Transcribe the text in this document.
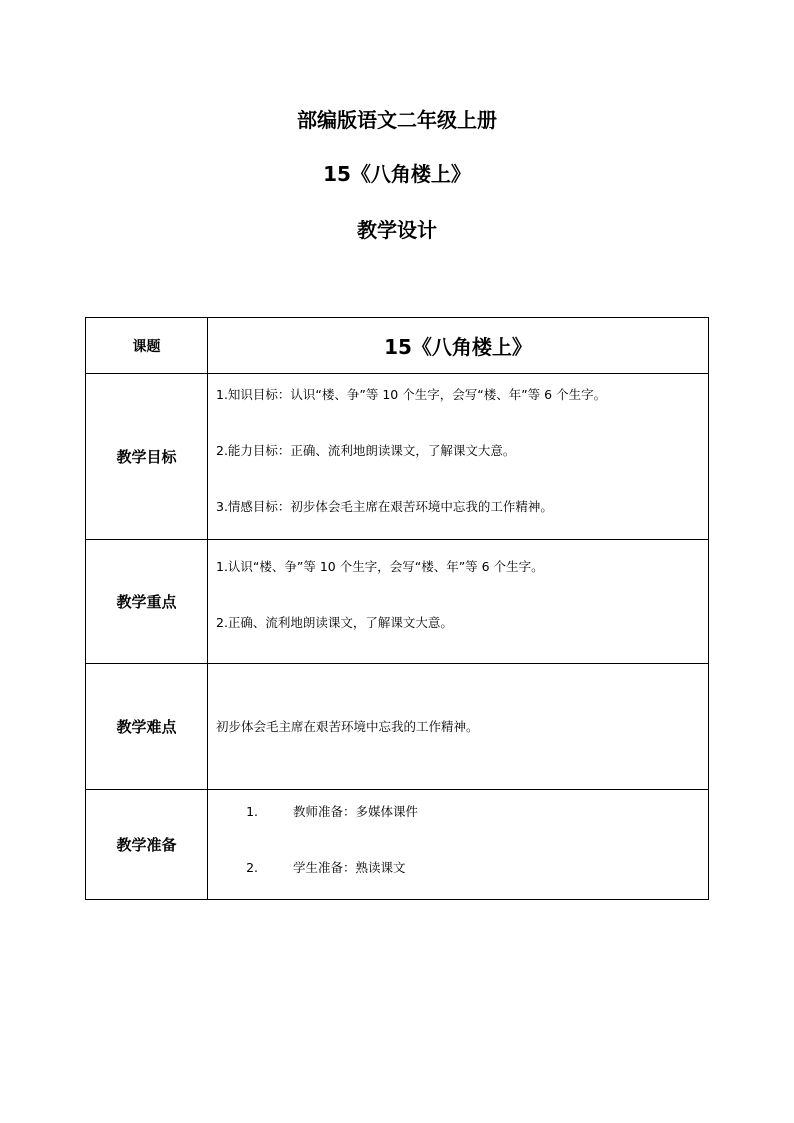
部编版语文二年级上册
15《八角楼上》
教学设计
课题	15《八角楼上》
教学目标	1.知识目标：认识“楼、争”等 10 个生字，会写“楼、年”等 6 个生字。
2.能力目标：正确、流利地朗读课文，了解课文大意。
3.情感目标：初步体会毛主席在艰苦环境中忘我的工作精神。

教学重点	1.认识“楼、争”等 10 个生字，会写“楼、年”等 6 个生字。
2.正确、流利地朗读课文，了解课文大意。

教学难点	初步体会毛主席在艰苦环境中忘我的工作精神。

教学准备	1. 教师准备：多媒体课件
2. 学生准备：熟读课文
